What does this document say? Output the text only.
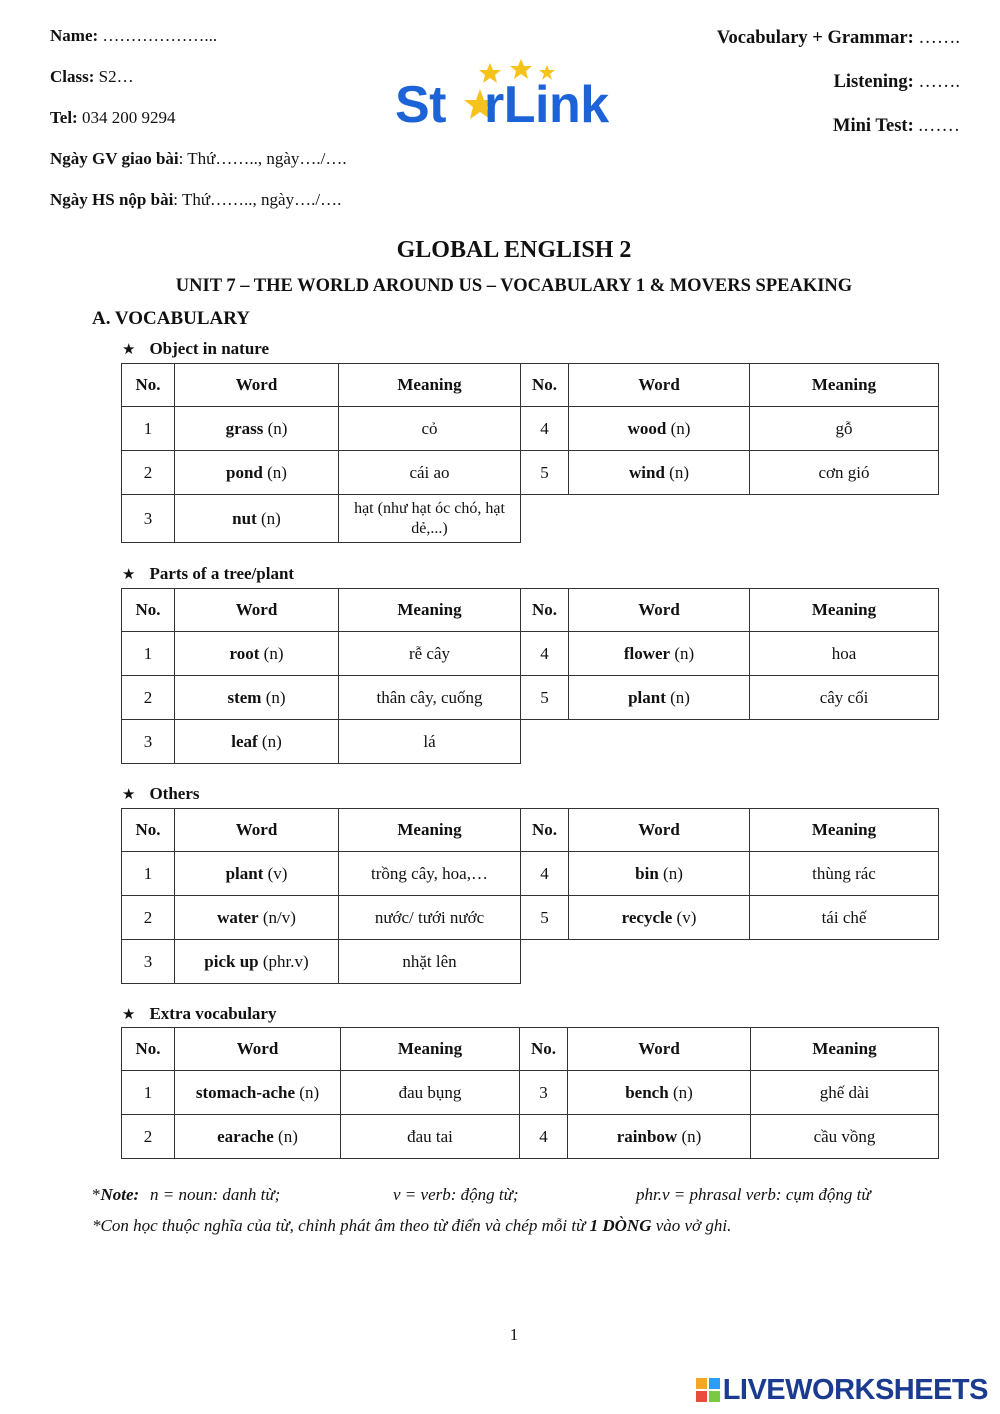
Name: ………………...
Class: S2…
Tel: 034 200 9294
Ngày GV giao bài: Thứ…….., ngày…./….
Ngày HS nộp bài: Thứ…….., ngày…./….
Vocabulary + Grammar: …….
Listening: …….
Mini Test: .……
St rLink
GLOBAL ENGLISH 2
UNIT 7 – THE WORLD AROUND US – VOCABULARY 1 & MOVERS SPEAKING
A. VOCABULARY
★ Object in nature
No.	Word	Meaning	No.	Word	Meaning
1	grass (n)	cỏ	4	wood (n)	gỗ
2	pond (n)	cái ao	5	wind (n)	cơn gió
3	nut (n)	hạt (như hạt óc chó, hạt dẻ,...)			
★ Parts of a tree/plant
No.	Word	Meaning	No.	Word	Meaning
1	root (n)	rễ cây	4	flower (n)	hoa
2	stem (n)	thân cây, cuống	5	plant (n)	cây cối
3	leaf (n)	lá			
★ Others
No.	Word	Meaning	No.	Word	Meaning
1	plant (v)	trồng cây, hoa,…	4	bin (n)	thùng rác
2	water (n/v)	nước/ tưới nước	5	recycle (v)	tái chế
3	pick up (phr.v)	nhặt lên			
★ Extra vocabulary
No.	Word	Meaning	No.	Word	Meaning
1	stomach-ache (n)	đau bụng	3	bench (n)	ghế dài
2	earache (n)	đau tai	4	rainbow (n)	cầu vồng
*Note: n = noun: danh từ;	v = verb: động từ;	phr.v = phrasal verb: cụm động từ
*Con học thuộc nghĩa của từ, chỉnh phát âm theo từ điển và chép mỗi từ 1 DÒNG vào vở ghi.
1
LIVEWORKSHEETS
